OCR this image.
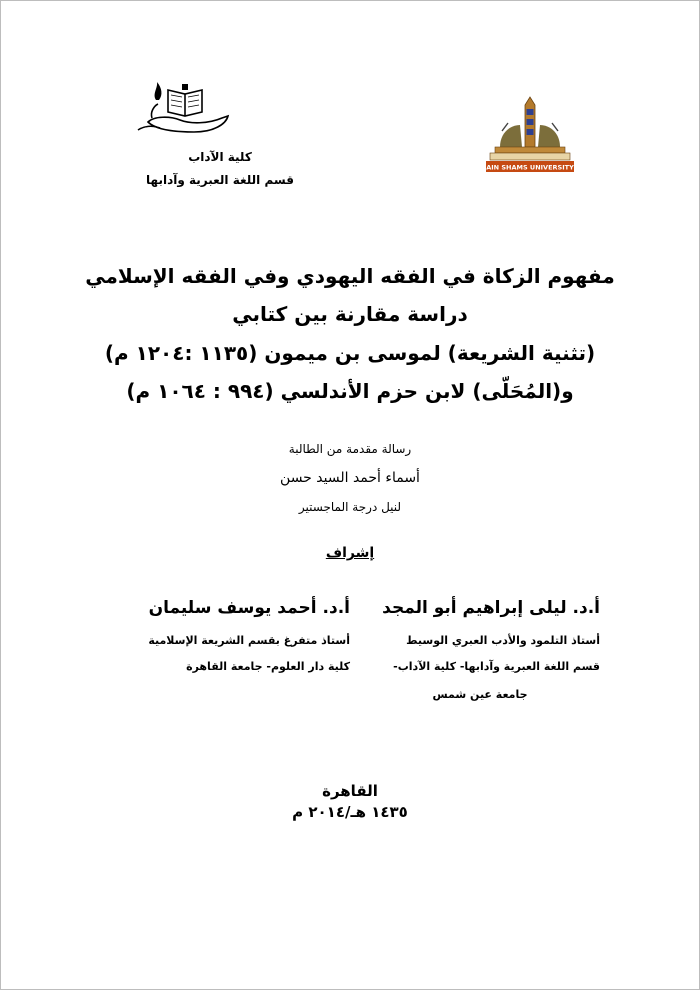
كلية الآداب
قسم اللغة العبرية وآدابها
AIN SHAMS UNIVERSITY
مفهوم الزكاة في الفقه اليهودي وفي الفقه الإسلامي
دراسة مقارنة بين كتابي
(تثنية الشريعة) لموسى بن ميمون (١١٣٥ :١٢٠٤ م)
و(المُحَلّى) لابن حزم الأندلسي (٩٩٤ : ١٠٦٤ م)
رسالة مقدمة من الطالبة
أسماء أحمد السيد حسن
لنيل درجة الماجستير
إشراف
أ.د. ليلى إبراهيم أبو المجد
أستاذ التلمود والأدب العبري الوسيط
قسم اللغة العبرية وآدابها- كلية الآداب-
جامعة عين شمس
أ.د. أحمد يوسف سليمان
أستاذ متفرغ بقسم الشريعة الإسلامية
كلية دار العلوم- جامعة القاهرة
القاهرة
١٤٣٥ هـ/٢٠١٤ م
